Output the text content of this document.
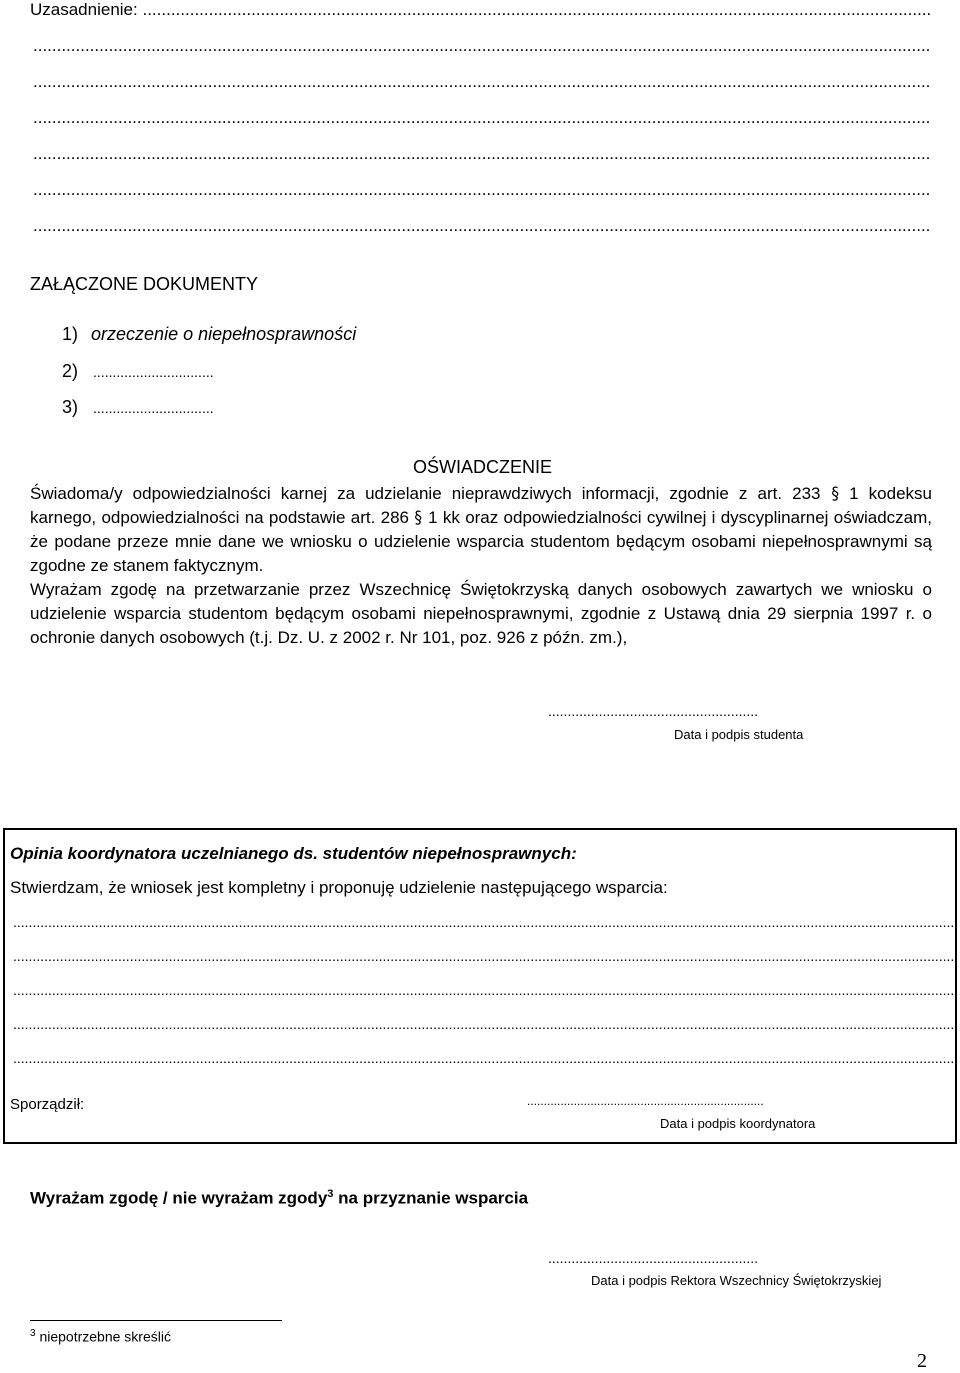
Uzasadnienie: .....
.....
.....
.....
.....
.....
.....
ZAŁĄCZONE DOKUMENTY
1) orzeczenie o niepełnosprawności
2) ...............................
3) ...............................
OŚWIADCZENIE
Świadoma/y odpowiedzialności karnej za udzielanie nieprawdziwych informacji, zgodnie z art. 233 § 1 kodeksu karnego, odpowiedzialności na podstawie art. 286 § 1 kk oraz odpowiedzialności cywilnej i dyscyplinarnej oświadczam, że podane przeze mnie dane we wniosku o udzielenie wsparcia studentom będącym osobami niepełnosprawnymi są zgodne ze stanem faktycznym.
Wyrażam zgodę na przetwarzanie przez Wszechnicę Świętokrzyską danych osobowych zawartych we wniosku o udzielenie wsparcia studentom będącym osobami niepełnosprawnymi, zgodnie z Ustawą dnia 29 sierpnia 1997 r. o ochronie danych osobowych (t.j. Dz. U. z 2002 r. Nr 101, poz. 926 z późn. zm.),
......................................................
Data i podpis studenta
Opinia koordynatora uczelnianego ds. studentów niepełnosprawnych:
Stwierdzam, że wniosek jest kompletny i proponuję udzielenie następującego wsparcia:
.....
.....
.....
.....
.....
Sporządził:	.......................................................................
Data i podpis koordynatora
Wyrażam zgodę / nie wyrażam zgody$^3$ na przyznanie wsparcia
......................................................
Data i podpis Rektora Wszechnicy Świętokrzyskiej
$^3$ niepotrzebne skreślić
2
